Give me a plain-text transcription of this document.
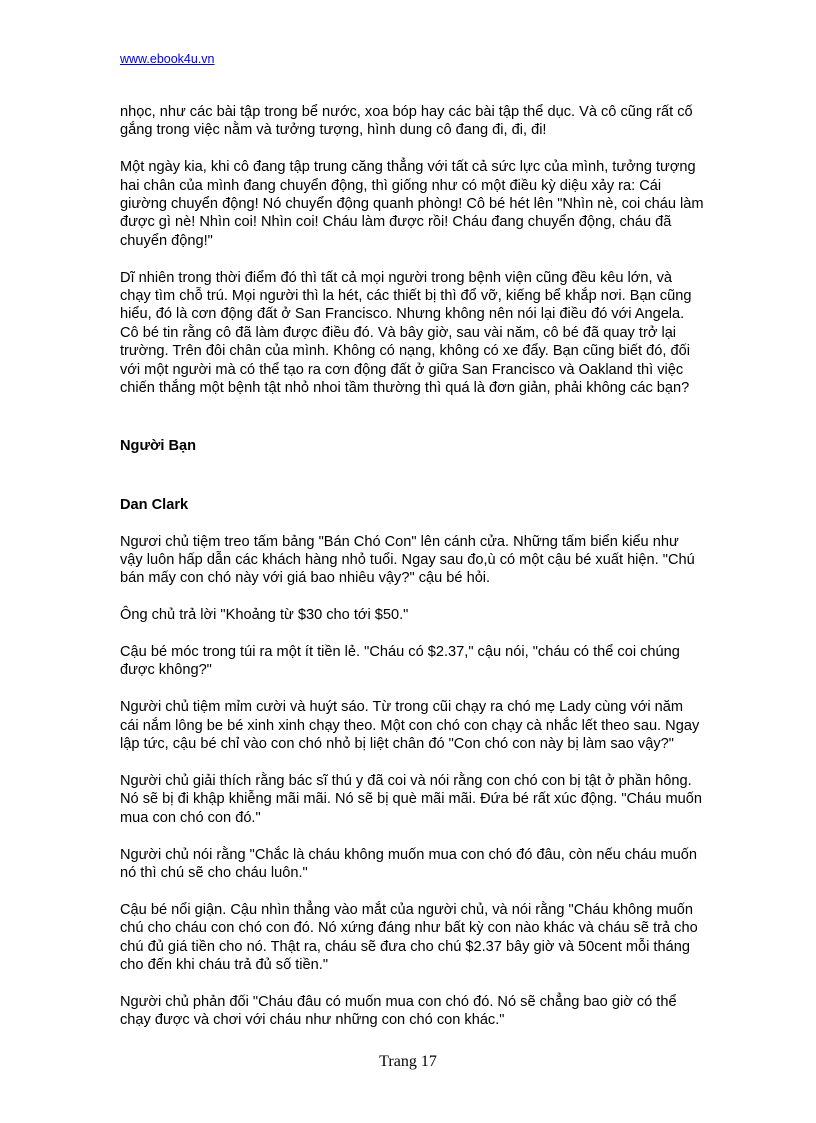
www.ebook4u.vn

nhọc, như các bài tập trong bể nước, xoa bóp hay các bài tập thể dục. Và cô cũng rất cố gắng trong việc nằm và tưởng tượng, hình dung cô đang đi, đi, đi!

Một ngày kia, khi cô đang tập trung căng thẳng với tất cả sức lực của mình, tưởng tượng hai chân của mình đang chuyển động, thì giống như có một điều kỳ diệu xảy ra: Cái giường chuyển động! Nó chuyển động quanh phòng! Cô bé hét lên "Nhìn nè, coi cháu làm được gì nè! Nhìn coi! Nhìn coi! Cháu làm được rồi! Cháu đang chuyển động, cháu đã chuyển động!"

Dĩ nhiên trong thời điểm đó thì tất cả mọi người trong bệnh viện cũng đều kêu lớn, và chạy tìm chỗ trú. Mọi người thì la hét, các thiết bị thì đổ vỡ, kiếng bể khắp nơi. Bạn cũng hiểu, đó là cơn động đất ở San Francisco. Nhưng không nên nói lại điều đó với Angela. Cô bé tin rằng cô đã làm được điều đó. Và bây giờ, sau vài năm, cô bé đã quay trở lại trường. Trên đôi chân của mình. Không có nạng, không có xe đẩy. Bạn cũng biết đó, đối với một người mà có thể tạo ra cơn động đất ở giữa San Francisco và Oakland thì việc chiến thắng một bệnh tật nhỏ nhoi tầm thường thì quá là đơn giản, phải không các bạn?

Người Bạn

Dan Clark

Ngươi chủ tiệm treo tấm bảng "Bán Chó Con" lên cánh cửa. Những tấm biển kiểu như vậy luôn hấp dẫn các khách hàng nhỏ tuổi. Ngay sau đo,ù có một cậu bé xuất hiện. "Chú bán mấy con chó này với giá bao nhiêu vậy?" cậu bé hỏi.

Ông chủ trả lời "Khoảng từ $30 cho tới $50."

Cậu bé móc trong túi ra một ít tiền lẻ. "Cháu có $2.37," cậu nói, "cháu có thể coi chúng được không?"

Người chủ tiệm mỉm cười và huýt sáo. Từ trong cũi chạy ra chó mẹ Lady cùng với năm cái nắm lông be bé xinh xinh chạy theo. Một con chó con chạy cà nhắc lết theo sau. Ngay lập tức, cậu bé chỉ vào con chó nhỏ bị liệt chân đó "Con chó con này bị làm sao vậy?"

Người chủ giải thích rằng bác sĩ thú y đã coi và nói rằng con chó con bị tật ở phần hông. Nó sẽ bị đi khập khiễng mãi mãi. Nó sẽ bị què mãi mãi. Đứa bé rất xúc động. "Cháu muốn mua con chó con đó."

Người chủ nói rằng "Chắc là cháu không muốn mua con chó đó đâu, còn nếu cháu muốn nó thì chú sẽ cho cháu luôn."

Cậu bé nổi giận. Cậu nhìn thẳng vào mắt của người chủ, và nói rằng "Cháu không muốn chú cho cháu con chó con đó. Nó xứng đáng như bất kỳ con nào khác và cháu sẽ trả cho chú đủ giá tiền cho nó. Thật ra, cháu sẽ đưa cho chú $2.37 bây giờ và 50cent mỗi tháng cho đến khi cháu trả đủ số tiền."

Người chủ phản đối "Cháu đâu có muốn mua con chó đó. Nó sẽ chẳng bao giờ có thể chạy được và chơi với cháu như những con chó con khác."

Trang 17
